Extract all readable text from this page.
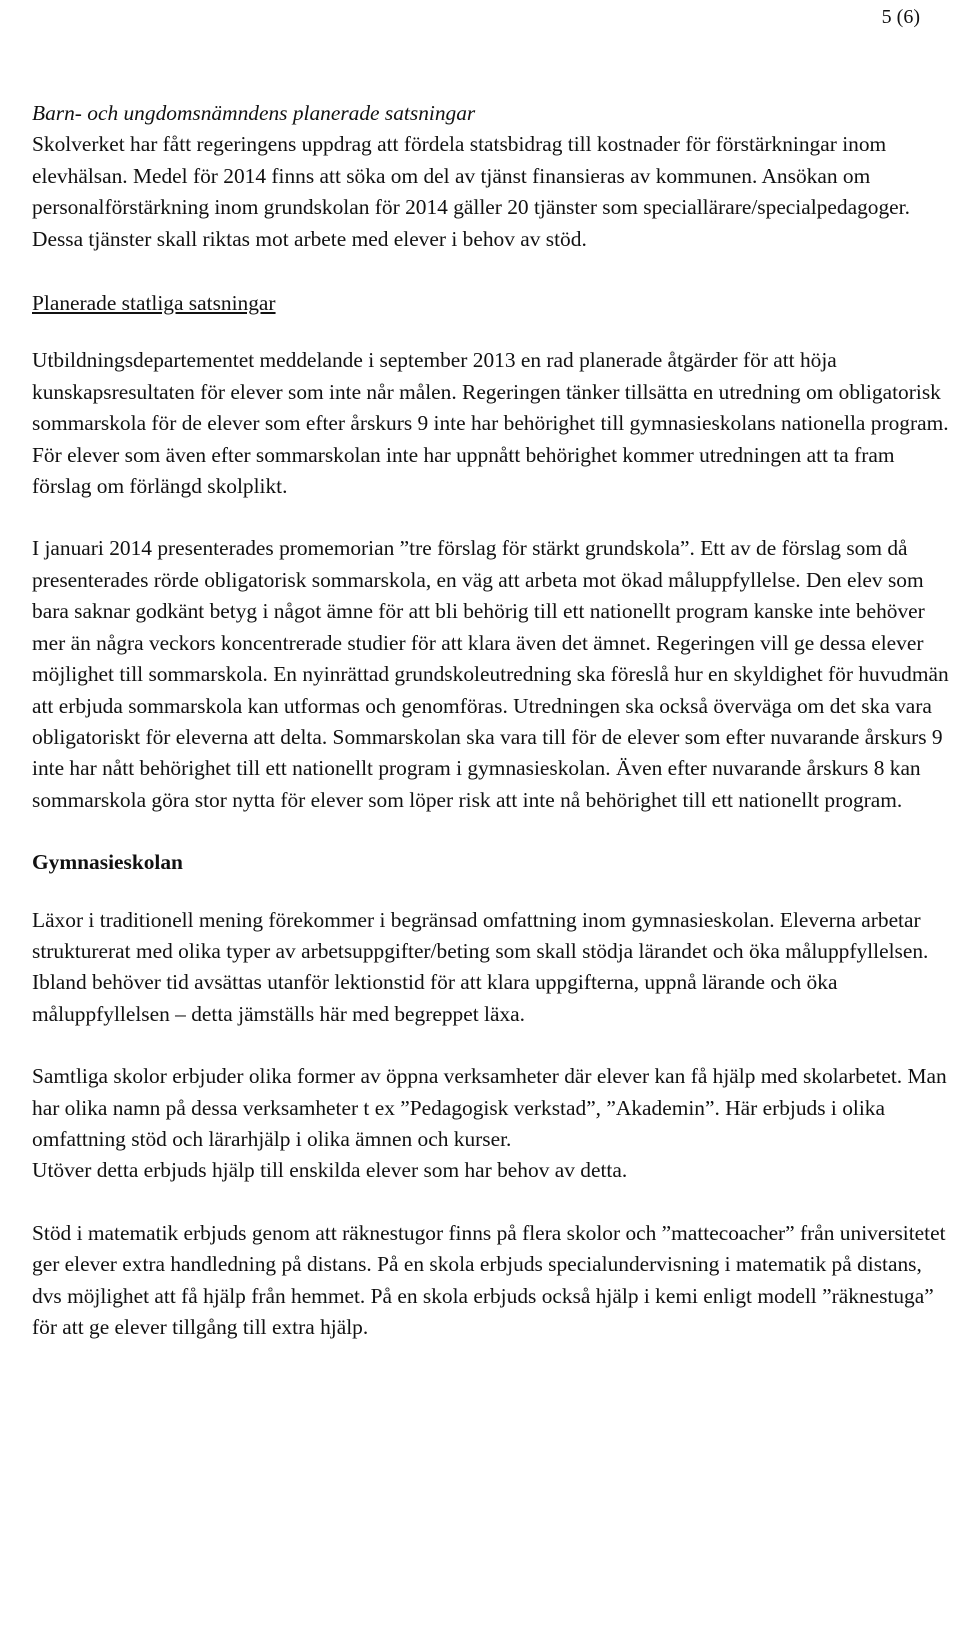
5 (6)

Barn- och ungdomsnämndens planerade satsningar

Skolverket har fått regeringens uppdrag att fördela statsbidrag till kostnader för förstärkningar inom elevhälsan. Medel för 2014 finns att söka om del av tjänst finansieras av kommunen. Ansökan om personalförstärkning inom grundskolan för 2014 gäller 20 tjänster som speciallärare/specialpedagoger. Dessa tjänster skall riktas mot arbete med elever i behov av stöd.

Planerade statliga satsningar

Utbildningsdepartementet meddelande i september 2013 en rad planerade åtgärder för att höja kunskapsresultaten för elever som inte når målen. Regeringen tänker tillsätta en utredning om obligatorisk sommarskola för de elever som efter årskurs 9 inte har behörighet till gymnasieskolans nationella program. För elever som även efter sommarskolan inte har uppnått behörighet kommer utredningen att ta fram förslag om förlängd skolplikt.

I januari 2014 presenterades promemorian ”tre förslag för stärkt grundskola”. Ett av de förslag som då presenterades rörde obligatorisk sommarskola, en väg att arbeta mot ökad måluppfyllelse. Den elev som bara saknar godkänt betyg i något ämne för att bli behörig till ett nationellt program kanske inte behöver mer än några veckors koncentrerade studier för att klara även det ämnet. Regeringen vill ge dessa elever möjlighet till sommarskola. En nyinrättad grundskoleutredning ska föreslå hur en skyldighet för huvudmän att erbjuda sommarskola kan utformas och genomföras. Utredningen ska också överväga om det ska vara obligatoriskt för eleverna att delta. Sommarskolan ska vara till för de elever som efter nuvarande årskurs 9 inte har nått behörighet till ett nationellt program i gymnasieskolan. Även efter nuvarande årskurs 8 kan sommarskola göra stor nytta för elever som löper risk att inte nå behörighet till ett nationellt program.

Gymnasieskolan

Läxor i traditionell mening förekommer i begränsad omfattning inom gymnasieskolan. Eleverna arbetar strukturerat med olika typer av arbetsuppgifter/beting som skall stödja lärandet och öka måluppfyllelsen. Ibland behöver tid avsättas utanför lektionstid för att klara uppgifterna, uppnå lärande och öka måluppfyllelsen – detta jämställs här med begreppet läxa.

Samtliga skolor erbjuder olika former av öppna verksamheter där elever kan få hjälp med skolarbetet. Man har olika namn på dessa verksamheter t ex ”Pedagogisk verkstad”, ”Akademin”. Här erbjuds i olika omfattning stöd och lärarhjälp i olika ämnen och kurser.

Utöver detta erbjuds hjälp till enskilda elever som har behov av detta.

Stöd i matematik erbjuds genom att räknestugor finns på flera skolor och ”mattecoacher” från universitetet ger elever extra handledning på distans. På en skola erbjuds specialundervisning i matematik på distans, dvs möjlighet att få hjälp från hemmet. På en skola erbjuds också hjälp i kemi enligt modell ”räknestuga” för att ge elever tillgång till extra hjälp.
